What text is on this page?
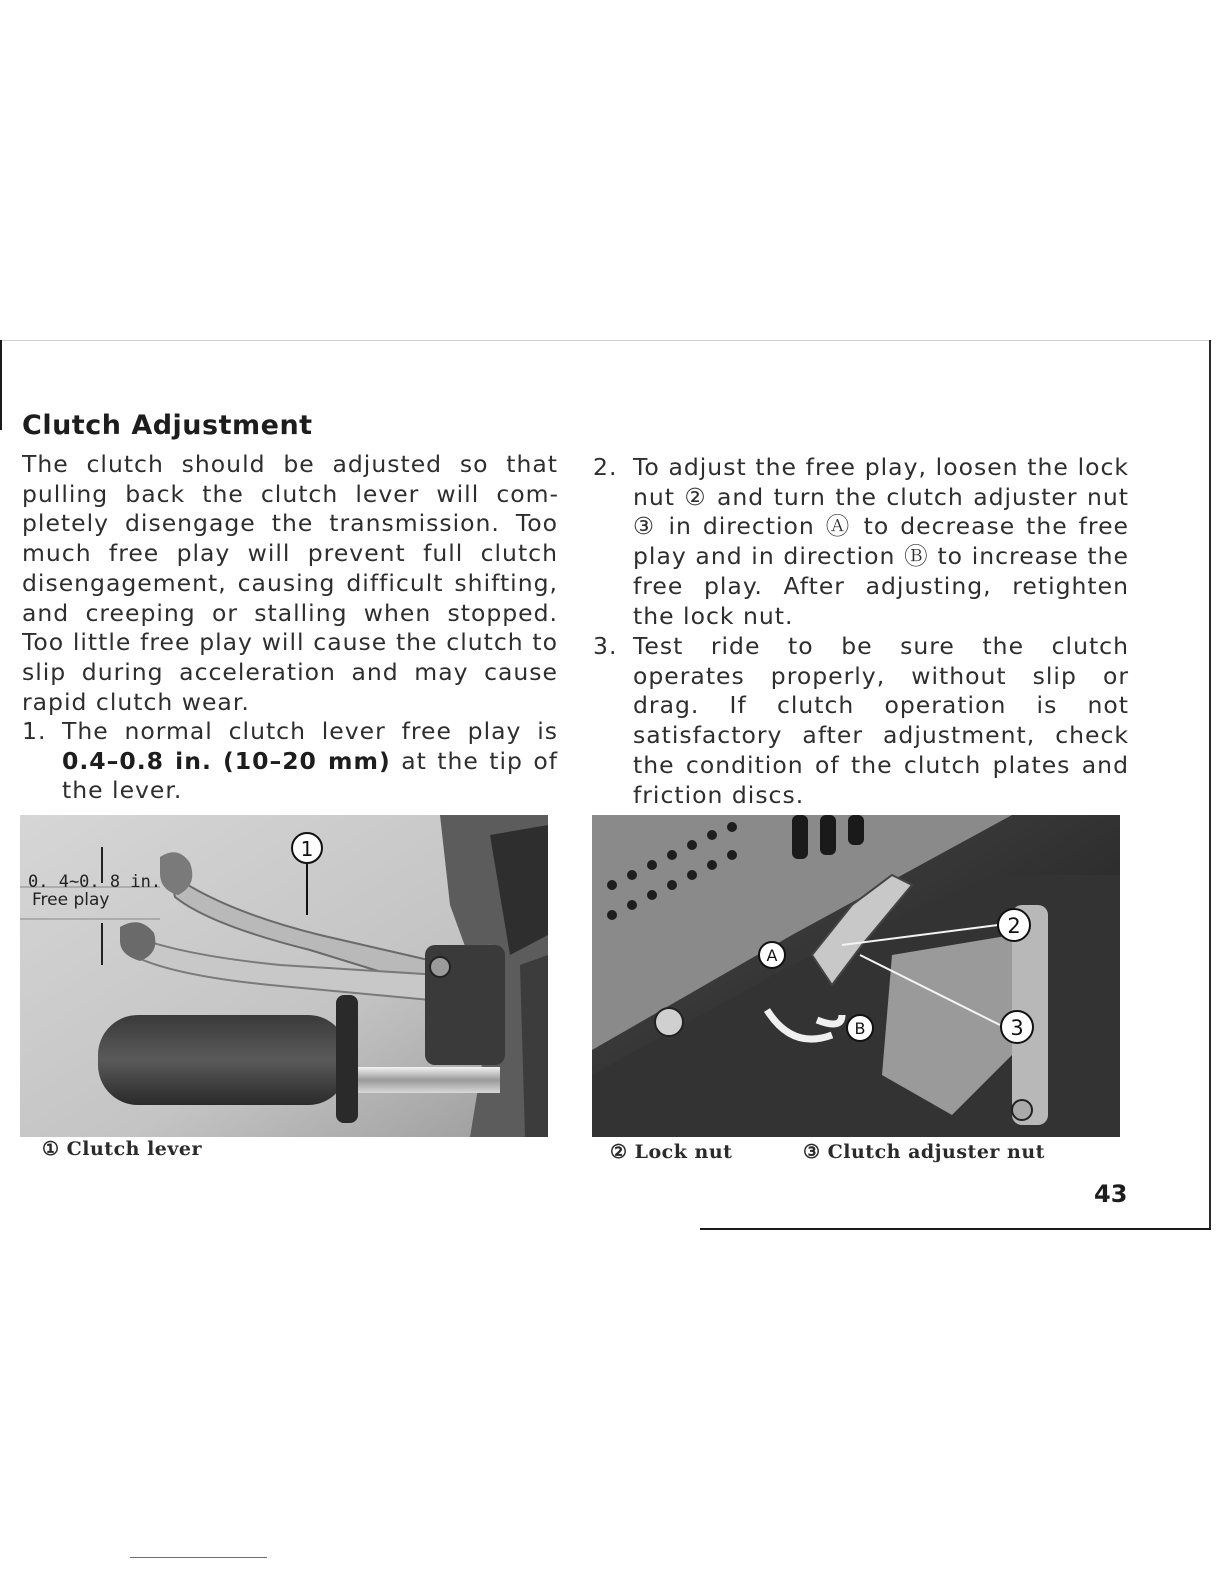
Clutch Adjustment

The clutch should be adjusted so that pulling back the clutch lever will completely disengage the transmission. Too much free play will prevent full clutch disengagement, causing difficult shifting, and creeping or stalling when stopped. Too little free play will cause the clutch to slip during acceleration and may cause rapid clutch wear.

1. The normal clutch lever free play is 0.4–0.8 in. (10–20 mm) at the tip of the lever.

2. To adjust the free play, loosen the lock nut ② and turn the clutch adjuster nut ③ in direction Ⓐ to decrease the free play and in direction Ⓑ to increase the free play. After adjusting, retighten the lock nut.

3. Test ride to be sure the clutch operates properly, without slip or drag. If clutch operation is not satisfactory after adjustment, check the condition of the clutch plates and friction discs.

0. 4∼0. 8 in.
Free play
1
① Clutch lever
2
3
A
B
② Lock nut	③ Clutch adjuster nut
43
